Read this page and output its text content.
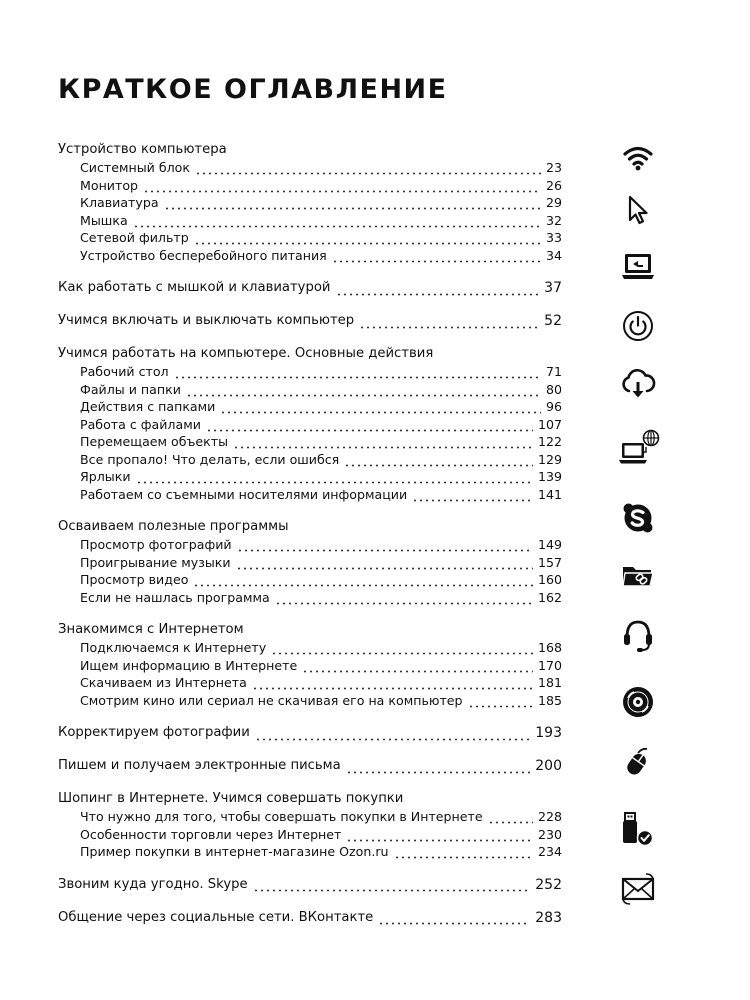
КРАТКОЕ ОГЛАВЛЕНИЕ
Устройство компьютера
Системный блок	23
Монитор	26
Клавиатура	29
Мышка	32
Сетевой фильтр	33
Устройство бесперебойного питания	34
Как работать с мышкой и клавиатурой	37
Учимся включать и выключать компьютер	52
Учимся работать на компьютере. Основные действия
Рабочий стол	71
Файлы и папки	80
Действия с папками	96
Работа с файлами	107
Перемещаем объекты	122
Все пропало! Что делать, если ошибся	129
Ярлыки	139
Работаем со съемными носителями информации	141
Осваиваем полезные программы
Просмотр фотографий	149
Проигрывание музыки	157
Просмотр видео	160
Если не нашлась программа	162
Знакомимся с Интернетом
Подключаемся к Интернету	168
Ищем информацию в Интернете	170
Скачиваем из Интернета	181
Смотрим кино или сериал не скачивая его на компьютер	185
Корректируем фотографии	193
Пишем и получаем электронные письма	200
Шопинг в Интернете. Учимся совершать покупки
Что нужно для того, чтобы совершать покупки в Интернете	228
Особенности торговли через Интернет	230
Пример покупки в интернет-магазине Ozon.ru	234
Звоним куда угодно. Skype	252
Общение через социальные сети. ВКонтакте	283
